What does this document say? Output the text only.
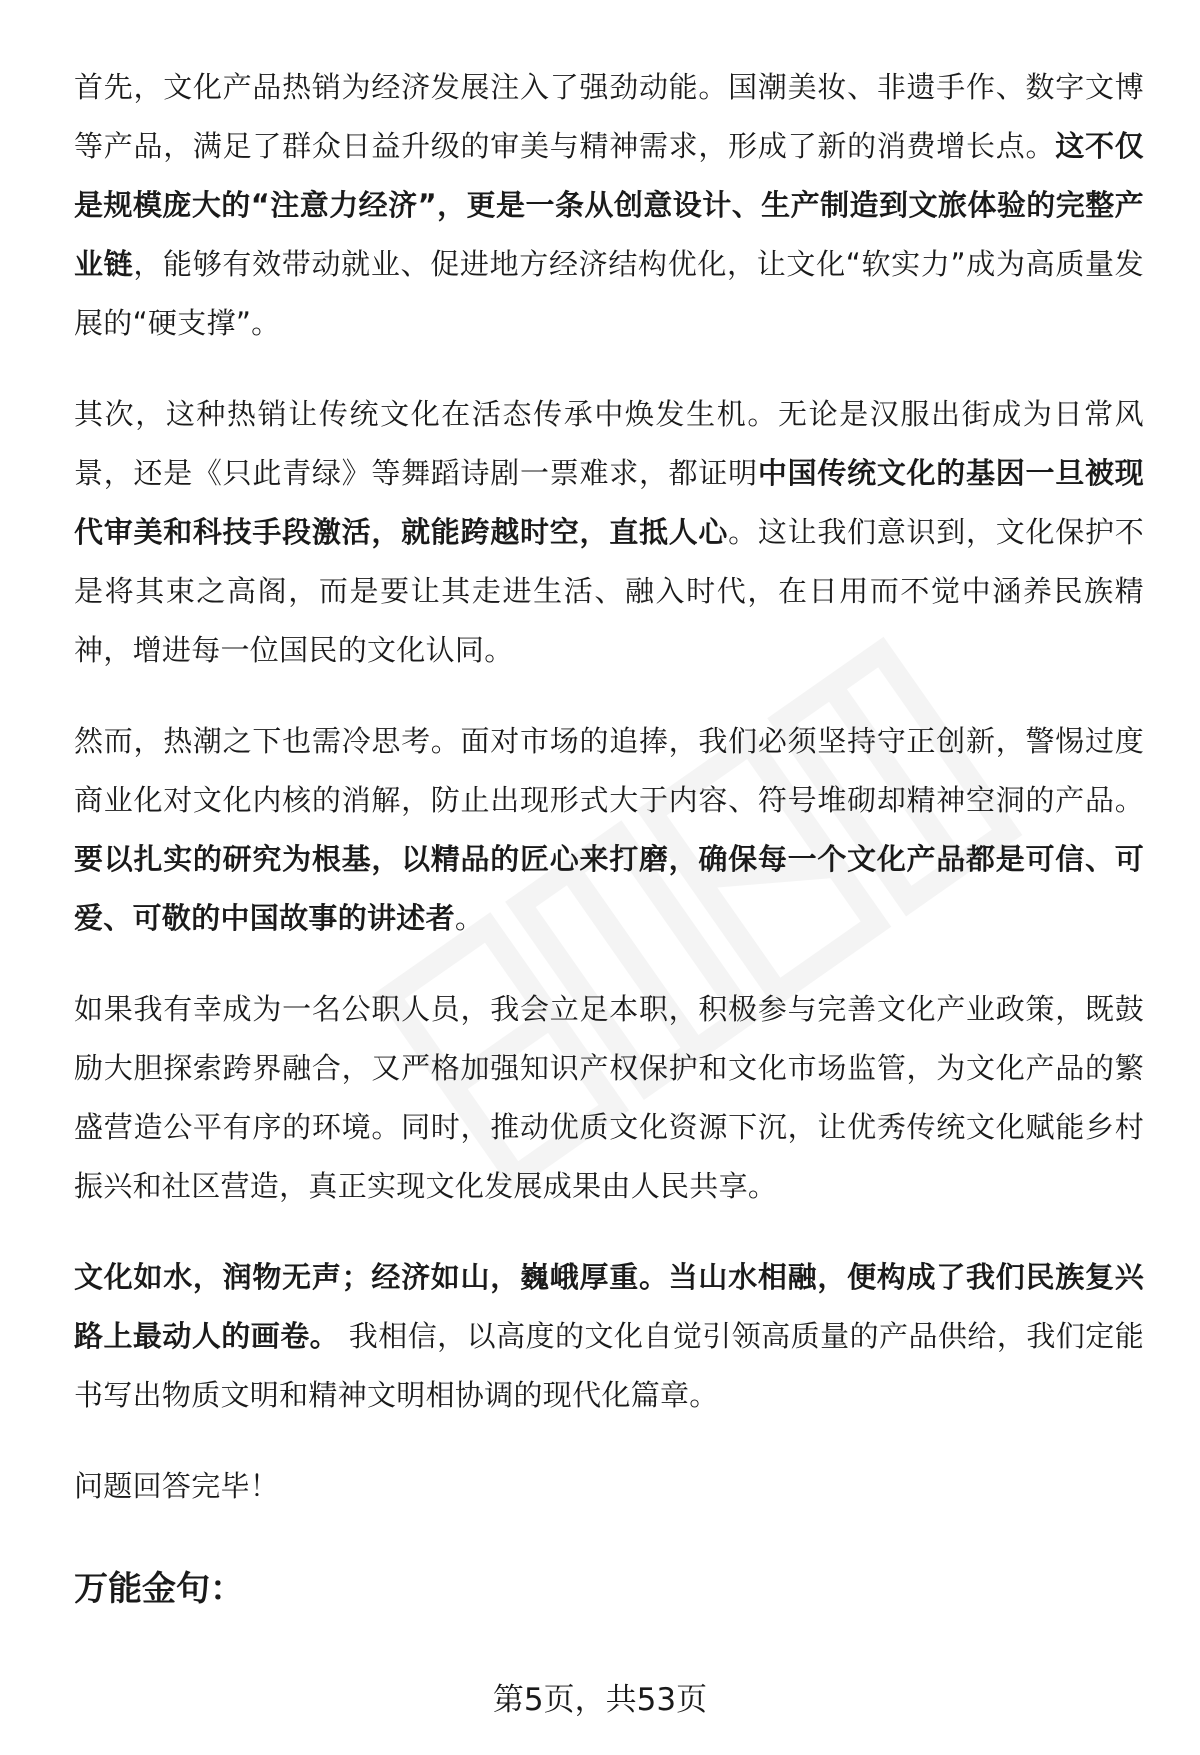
首先，文化产品热销为经济发展注入了强劲动能。国潮美妆、非遗手作、数字文博等产品，满足了群众日益升级的审美与精神需求，形成了新的消费增长点。这不仅是规模庞大的“注意力经济”，更是一条从创意设计、生产制造到文旅体验的完整产业链，能够有效带动就业、促进地方经济结构优化，让文化“软实力”成为高质量发展的“硬支撑”。

其次，这种热销让传统文化在活态传承中焕发生机。无论是汉服出街成为日常风景，还是《只此青绿》等舞蹈诗剧一票难求，都证明中国传统文化的基因一旦被现代审美和科技手段激活，就能跨越时空，直抵人心。这让我们意识到，文化保护不是将其束之高阁，而是要让其走进生活、融入时代，在日用而不觉中涵养民族精神，增进每一位国民的文化认同。

然而，热潮之下也需冷思考。面对市场的追捧，我们必须坚持守正创新，警惕过度商业化对文化内核的消解，防止出现形式大于内容、符号堆砌却精神空洞的产品。要以扎实的研究为根基，以精品的匠心来打磨，确保每一个文化产品都是可信、可爱、可敬的中国故事的讲述者。

如果我有幸成为一名公职人员，我会立足本职，积极参与完善文化产业政策，既鼓励大胆探索跨界融合，又严格加强知识产权保护和文化市场监管，为文化产品的繁盛营造公平有序的环境。同时，推动优质文化资源下沉，让优秀传统文化赋能乡村振兴和社区营造，真正实现文化发展成果由人民共享。

文化如水，润物无声；经济如山，巍峨厚重。当山水相融，便构成了我们民族复兴路上最动人的画卷。 我相信，以高度的文化自觉引领高质量的产品供给，我们定能书写出物质文明和精神文明相协调的现代化篇章。

问题回答完毕！

万能金句：
第5页，共53页
